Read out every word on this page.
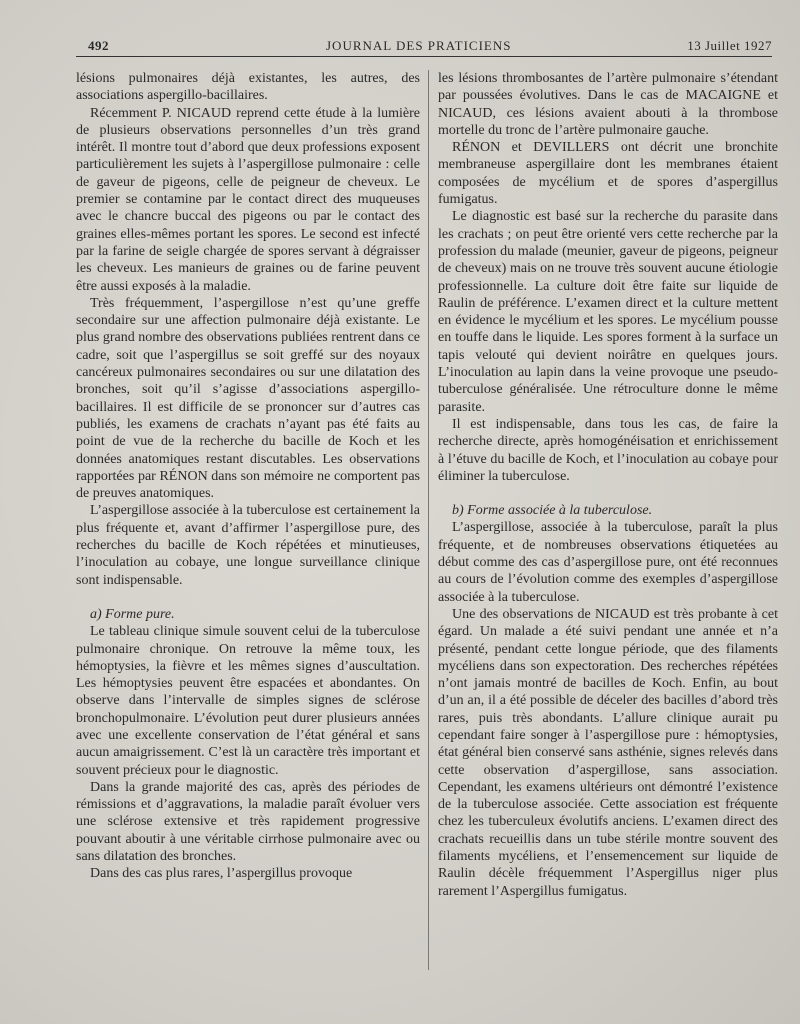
492	JOURNAL DES PRATICIENS	13 Juillet 1927

lésions pulmonaires déjà existantes, les autres, des associations aspergillo-bacillaires.

Récemment P. NICAUD reprend cette étude à la lumière de plusieurs observations personnelles d’un très grand intérêt. Il montre tout d’abord que deux professions exposent particulièrement les sujets à l’aspergillose pulmonaire : celle de gaveur de pigeons, celle de peigneur de cheveux. Le premier se contamine par le contact direct des muqueuses avec le chancre buccal des pigeons ou par le contact des graines elles-mêmes portant les spores. Le second est infecté par la farine de seigle chargée de spores servant à dégraisser les cheveux. Les manieurs de graines ou de farine peuvent être aussi exposés à la maladie.

Très fréquemment, l’aspergillose n’est qu’une greffe secondaire sur une affection pulmonaire déjà existante. Le plus grand nombre des observations publiées rentrent dans ce cadre, soit que l’aspergillus se soit greffé sur des noyaux cancéreux pulmonaires secondaires ou sur une dilatation des bronches, soit qu’il s’agisse d’associations aspergillo-bacillaires. Il est difficile de se prononcer sur d’autres cas publiés, les examens de crachats n’ayant pas été faits au point de vue de la recherche du bacille de Koch et les données anatomiques restant discutables. Les observations rapportées par RÉNON dans son mémoire ne comportent pas de preuves anatomiques.

L’aspergillose associée à la tuberculose est certainement la plus fréquente et, avant d’affirmer l’aspergillose pure, des recherches du bacille de Koch répétées et minutieuses, l’inoculation au cobaye, une longue surveillance clinique sont indispensable.

a) Forme pure.

Le tableau clinique simule souvent celui de la tuberculose pulmonaire chronique. On retrouve la même toux, les hémoptysies, la fièvre et les mêmes signes d’auscultation. Les hémoptysies peuvent être espacées et abondantes. On observe dans l’intervalle de simples signes de sclérose bronchopulmonaire. L’évolution peut durer plusieurs années avec une excellente conservation de l’état général et sans aucun amaigrissement. C’est là un caractère très important et souvent précieux pour le diagnostic.

Dans la grande majorité des cas, après des périodes de rémissions et d’aggravations, la maladie paraît évoluer vers une sclérose extensive et très rapidement progressive pouvant aboutir à une véritable cirrhose pulmonaire avec ou sans dilatation des bronches.

Dans des cas plus rares, l’aspergillus provoque

les lésions thrombosantes de l’artère pulmonaire s’étendant par poussées évolutives. Dans le cas de MACAIGNE et NICAUD, ces lésions avaient abouti à la thrombose mortelle du tronc de l’artère pulmonaire gauche.

RÉNON et DEVILLERS ont décrit une bronchite membraneuse aspergillaire dont les membranes étaient composées de mycélium et de spores d’aspergillus fumigatus.

Le diagnostic est basé sur la recherche du parasite dans les crachats ; on peut être orienté vers cette recherche par la profession du malade (meunier, gaveur de pigeons, peigneur de cheveux) mais on ne trouve très souvent aucune étiologie professionnelle. La culture doit être faite sur liquide de Raulin de préférence. L’examen direct et la culture mettent en évidence le mycélium et les spores. Le mycélium pousse en touffe dans le liquide. Les spores forment à la surface un tapis velouté qui devient noirâtre en quelques jours. L’inoculation au lapin dans la veine provoque une pseudo-tuberculose généralisée. Une rétroculture donne le même parasite.

Il est indispensable, dans tous les cas, de faire la recherche directe, après homogénéisation et enrichissement à l’étuve du bacille de Koch, et l’inoculation au cobaye pour éliminer la tuberculose.

b) Forme associée à la tuberculose.

L’aspergillose, associée à la tuberculose, paraît la plus fréquente, et de nombreuses observations étiquetées au début comme des cas d’aspergillose pure, ont été reconnues au cours de l’évolution comme des exemples d’aspergillose associée à la tuberculose.

Une des observations de NICAUD est très probante à cet égard. Un malade a été suivi pendant une année et n’a présenté, pendant cette longue période, que des filaments mycéliens dans son expectoration. Des recherches répétées n’ont jamais montré de bacilles de Koch. Enfin, au bout d’un an, il a été possible de déceler des bacilles d’abord très rares, puis très abondants. L’allure clinique aurait pu cependant faire songer à l’aspergillose pure : hémoptysies, état général bien conservé sans asthénie, signes relevés dans cette observation d’aspergillose, sans association. Cependant, les examens ultérieurs ont démontré l’existence de la tuberculose associée. Cette association est fréquente chez les tuberculeux évolutifs anciens. L’examen direct des crachats recueillis dans un tube stérile montre souvent des filaments mycéliens, et l’ensemencement sur liquide de Raulin décèle fréquemment l’Aspergillus niger plus rarement l’Aspergillus fumigatus.
